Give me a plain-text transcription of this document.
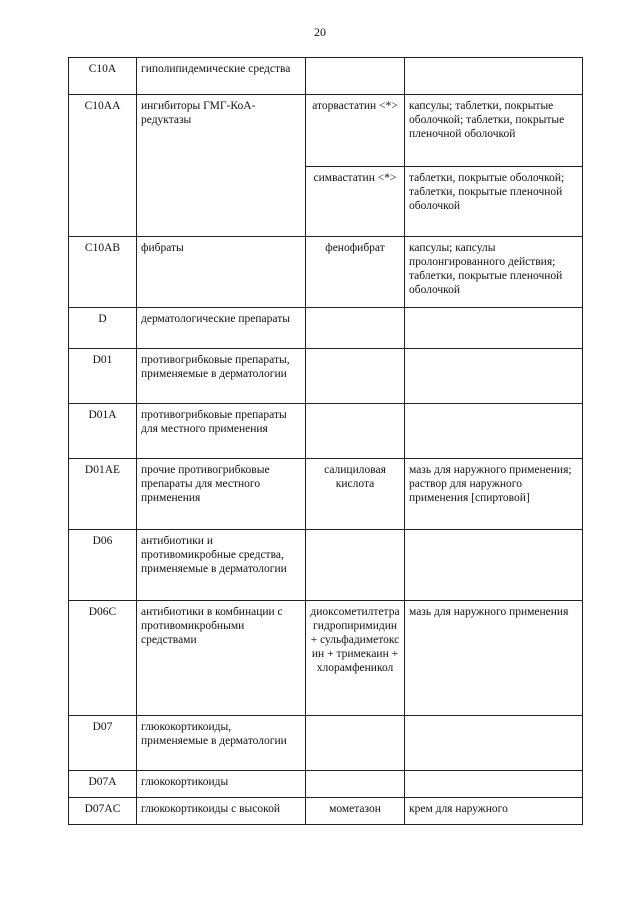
20
C10A	гиполипидемические средства		
C10AA	ингибиторы ГМГ-КоА-редуктазы	аторвастатин <*>	капсулы; таблетки, покрытые оболочкой; таблетки, покрытые пленочной оболочкой
		симвастатин <*>	таблетки, покрытые оболочкой;
таблетки, покрытые пленочной оболочкой
C10AB	фибраты	фенофибрат	капсулы; капсулы пролонгированного действия; таблетки, покрытые пленочной оболочкой
D	дерматологические препараты		
D01	противогрибковые препараты, применяемые в дерматологии		
D01A	противогрибковые препараты для местного применения		
D01AE	прочие противогрибковые препараты для местного применения	салициловая кислота	мазь для наружного применения;
раствор для наружного применения [спиртовой]
D06	антибиотики и противомикробные средства, применяемые в дерматологии		
D06C	антибиотики в комбинации с противомикробными средствами	диоксометилтетрагидропиримидин + сульфадиметоксин + тримекаин + хлорамфеникол	мазь для наружного применения
D07	глюкокортикоиды, применяемые в дерматологии		
D07A	глюкокортикоиды		
D07AC	глюкокортикоиды с высокой	мометазон	крем для наружного
